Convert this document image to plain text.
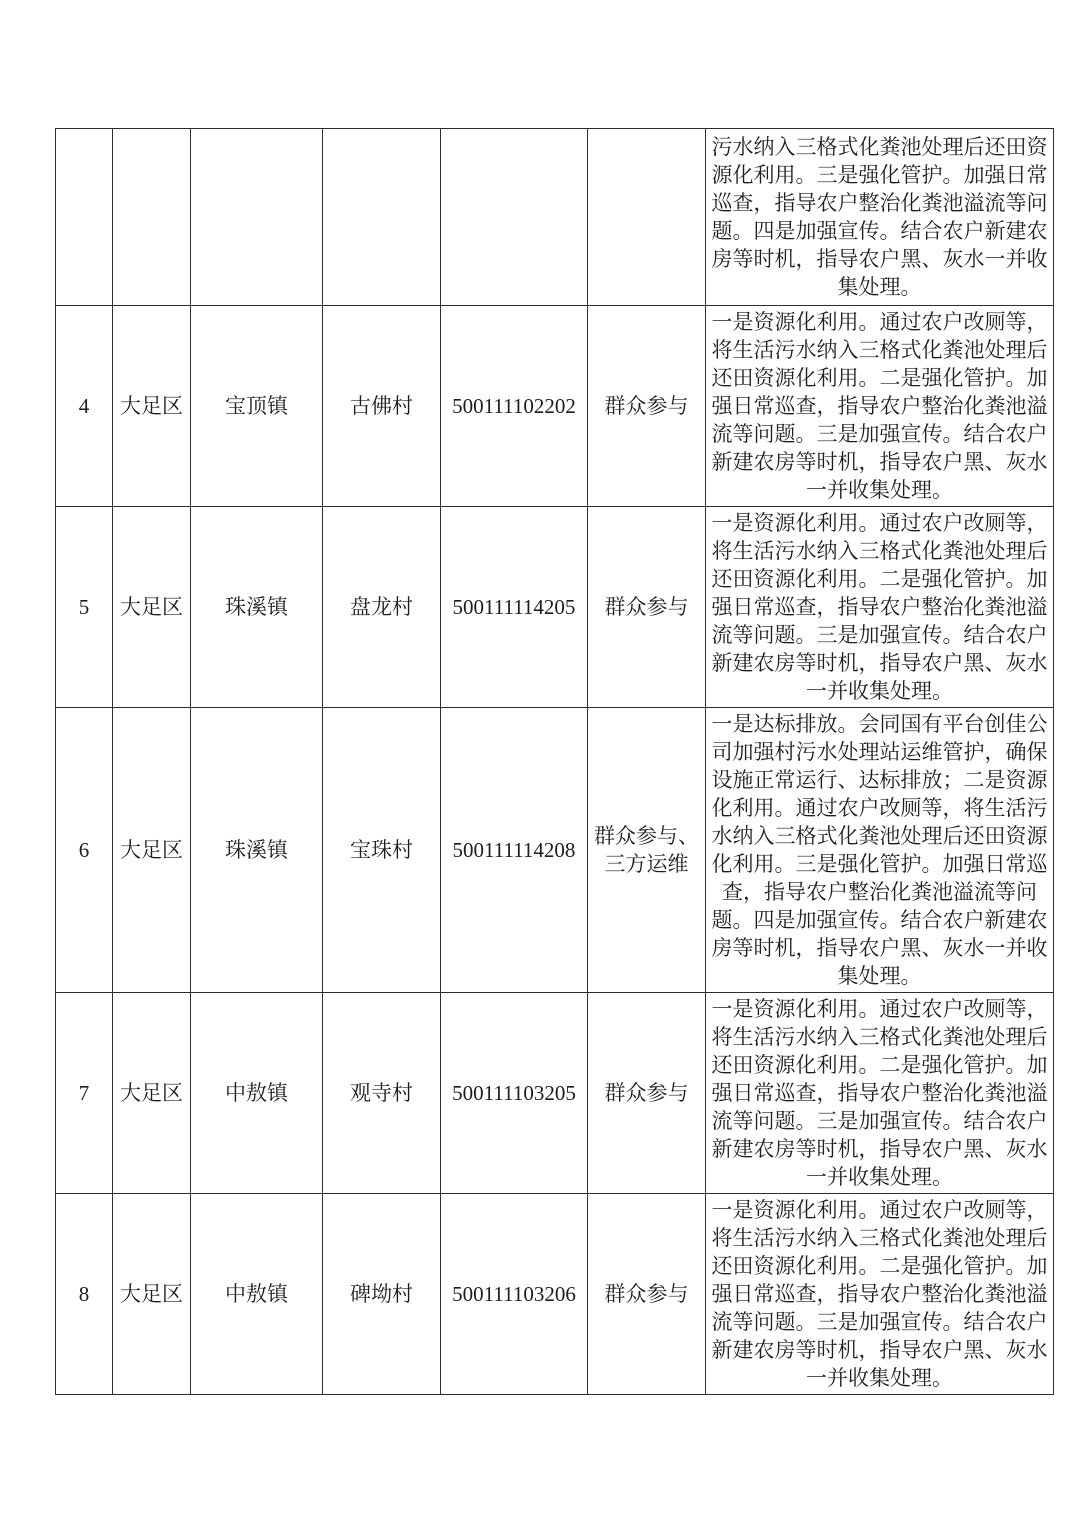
						污水纳入三格式化粪池处理后还田资源化利用。三是强化管护。加强日常巡查，指导农户整治化粪池溢流等问题。四是加强宣传。结合农户新建农房等时机，指导农户黑、灰水一并收集处理。
4	大足区	宝顶镇	古佛村	500111102202	群众参与	一是资源化利用。通过农户改厕等，将生活污水纳入三格式化粪池处理后还田资源化利用。二是强化管护。加强日常巡查，指导农户整治化粪池溢流等问题。三是加强宣传。结合农户新建农房等时机，指导农户黑、灰水一并收集处理。
5	大足区	珠溪镇	盘龙村	500111114205	群众参与	一是资源化利用。通过农户改厕等，将生活污水纳入三格式化粪池处理后还田资源化利用。二是强化管护。加强日常巡查，指导农户整治化粪池溢流等问题。三是加强宣传。结合农户新建农房等时机，指导农户黑、灰水一并收集处理。
6	大足区	珠溪镇	宝珠村	500111114208	群众参与、三方运维	一是达标排放。会同国有平台创佳公司加强村污水处理站运维管护，确保设施正常运行、达标排放；二是资源化利用。通过农户改厕等，将生活污水纳入三格式化粪池处理后还田资源化利用。三是强化管护。加强日常巡查，指导农户整治化粪池溢流等问题。四是加强宣传。结合农户新建农房等时机，指导农户黑、灰水一并收集处理。
7	大足区	中敖镇	观寺村	500111103205	群众参与	一是资源化利用。通过农户改厕等，将生活污水纳入三格式化粪池处理后还田资源化利用。二是强化管护。加强日常巡查，指导农户整治化粪池溢流等问题。三是加强宣传。结合农户新建农房等时机，指导农户黑、灰水一并收集处理。
8	大足区	中敖镇	碑坳村	500111103206	群众参与	一是资源化利用。通过农户改厕等，将生活污水纳入三格式化粪池处理后还田资源化利用。二是强化管护。加强日常巡查，指导农户整治化粪池溢流等问题。三是加强宣传。结合农户新建农房等时机，指导农户黑、灰水一并收集处理。
